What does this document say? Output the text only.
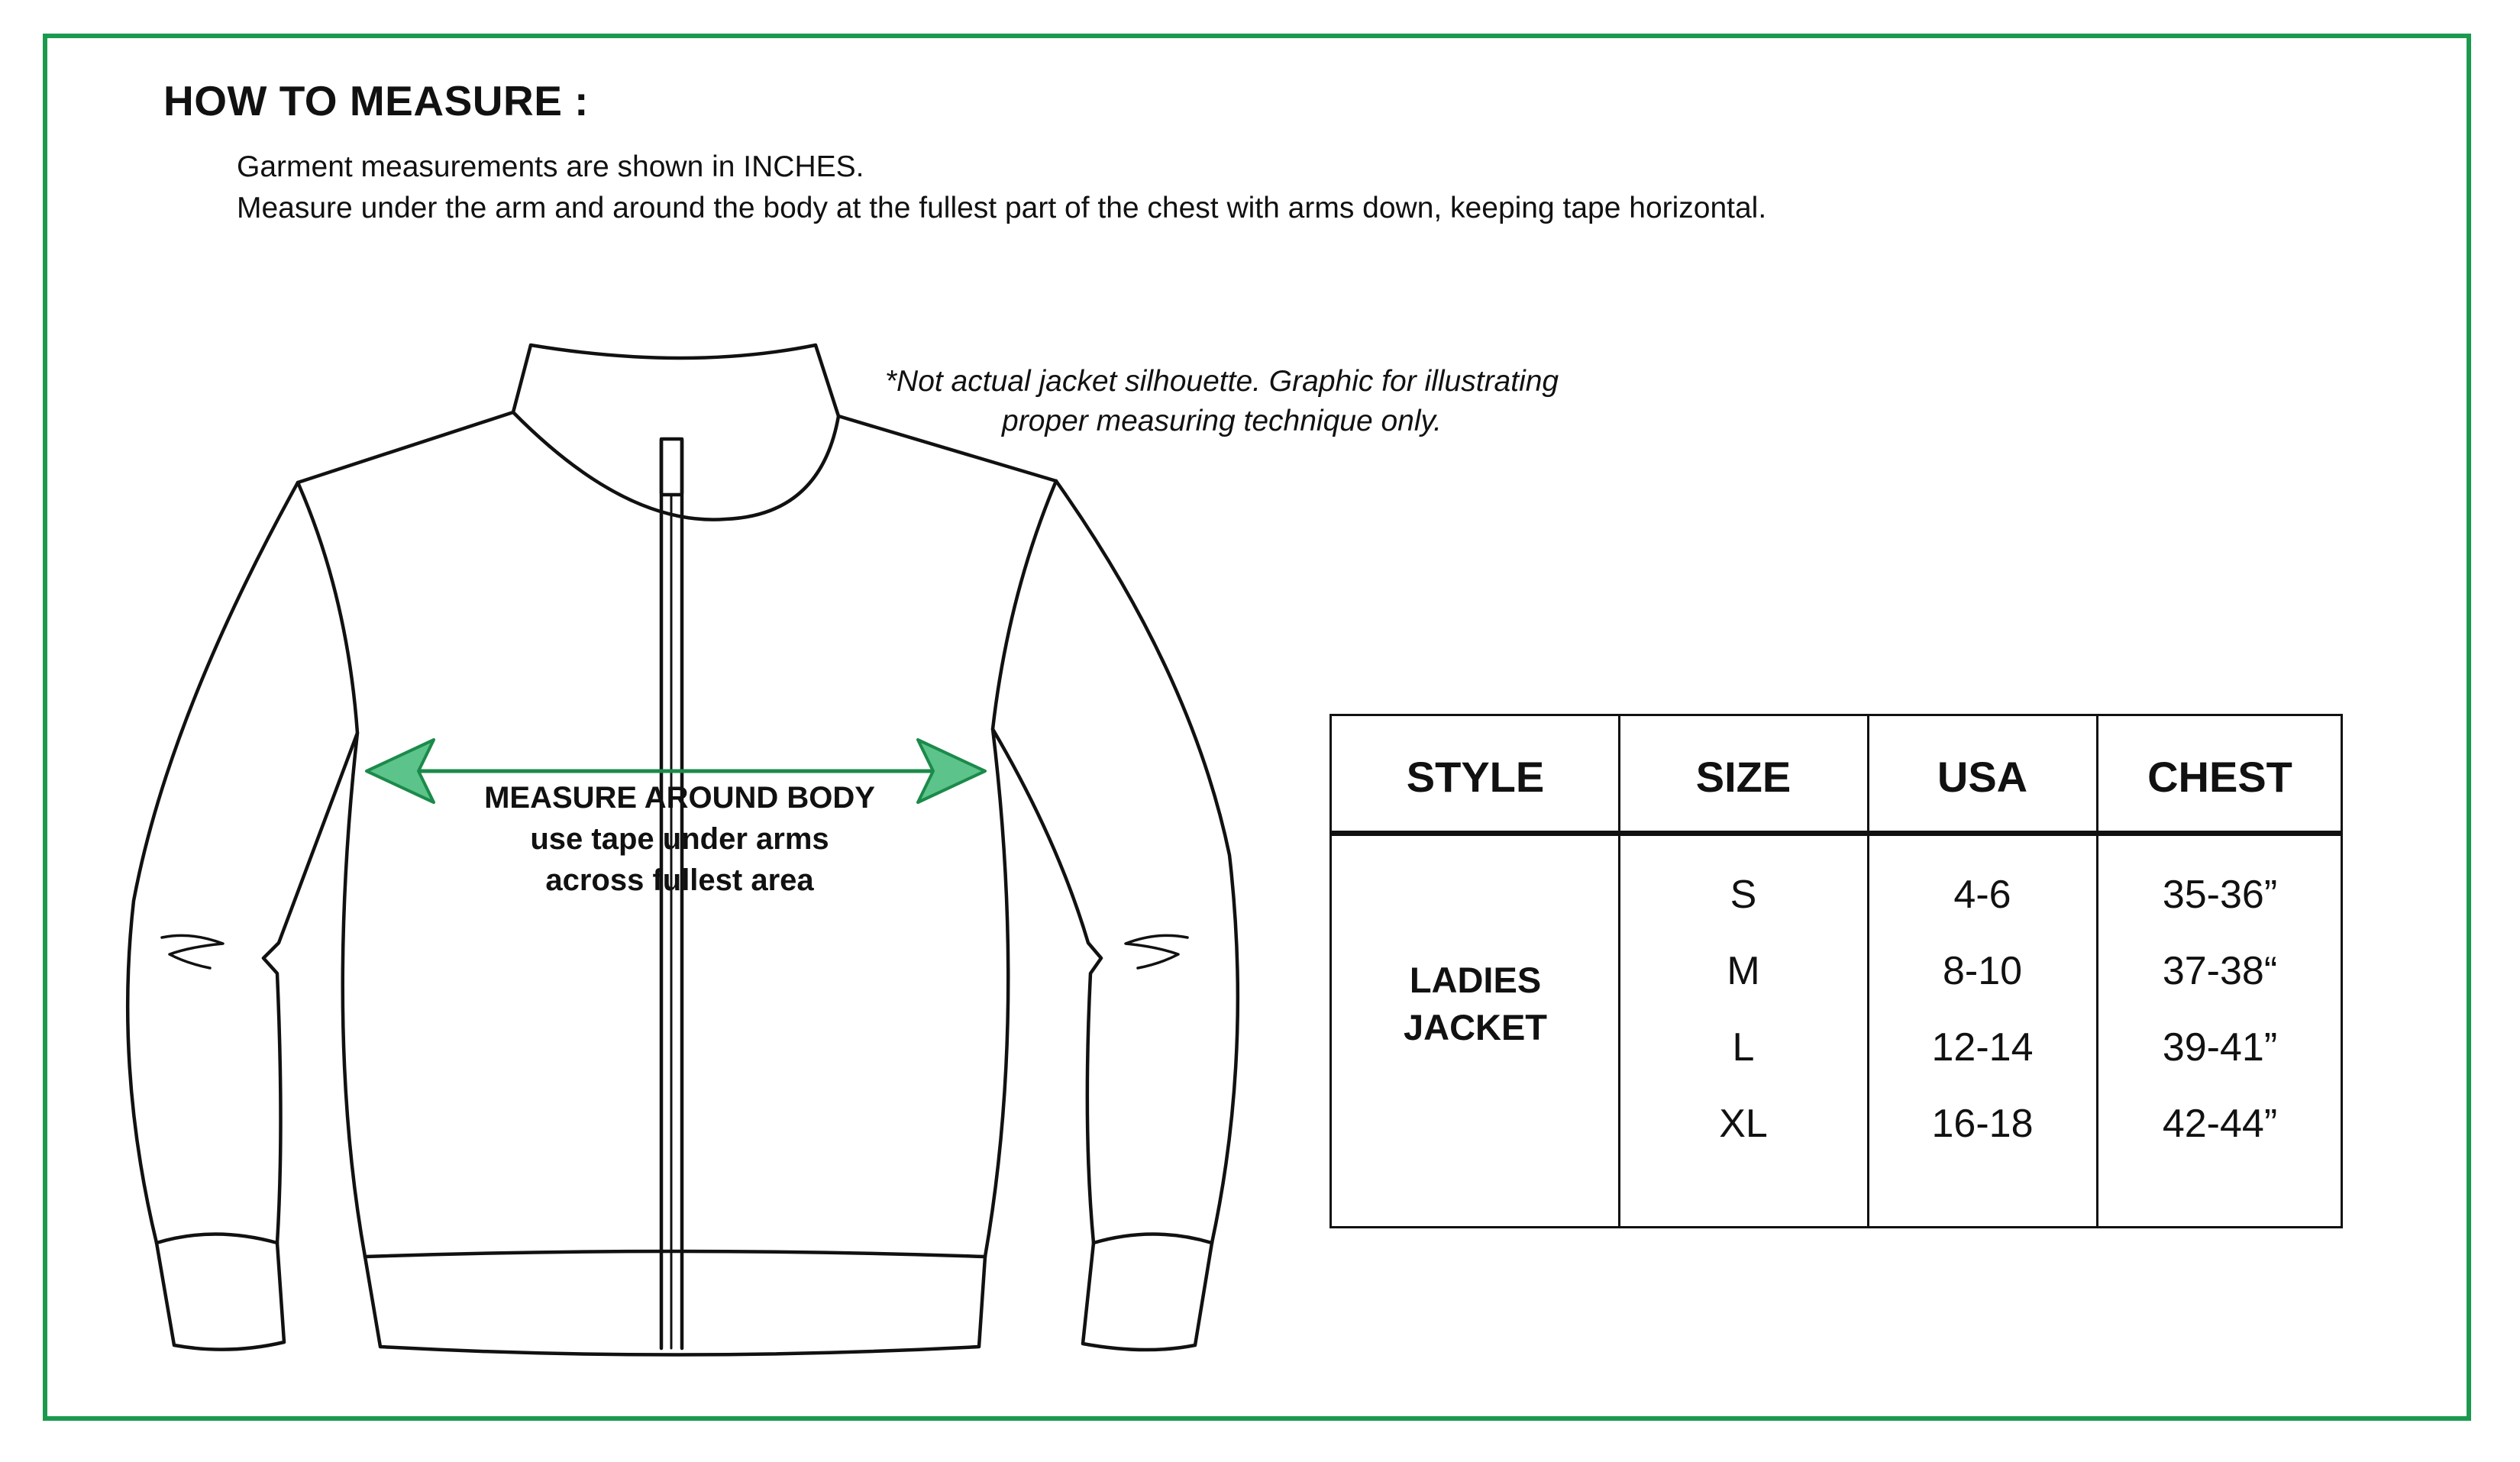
HOW TO MEASURE :
Garment measurements are shown in INCHES.
Measure under the arm and around the body at the fullest part of the chest with arms down, keeping tape horizontal.
*Not actual jacket silhouette. Graphic for illustrating
proper measuring technique only.
MEASURE AROUND BODY
use tape under arms
across fullest area
STYLE	SIZE	USA	CHEST
LADIES
JACKET
S	4-6	35-36”
M	8-10	37-38“
L	12-14	39-41”
XL	16-18	42-44”
